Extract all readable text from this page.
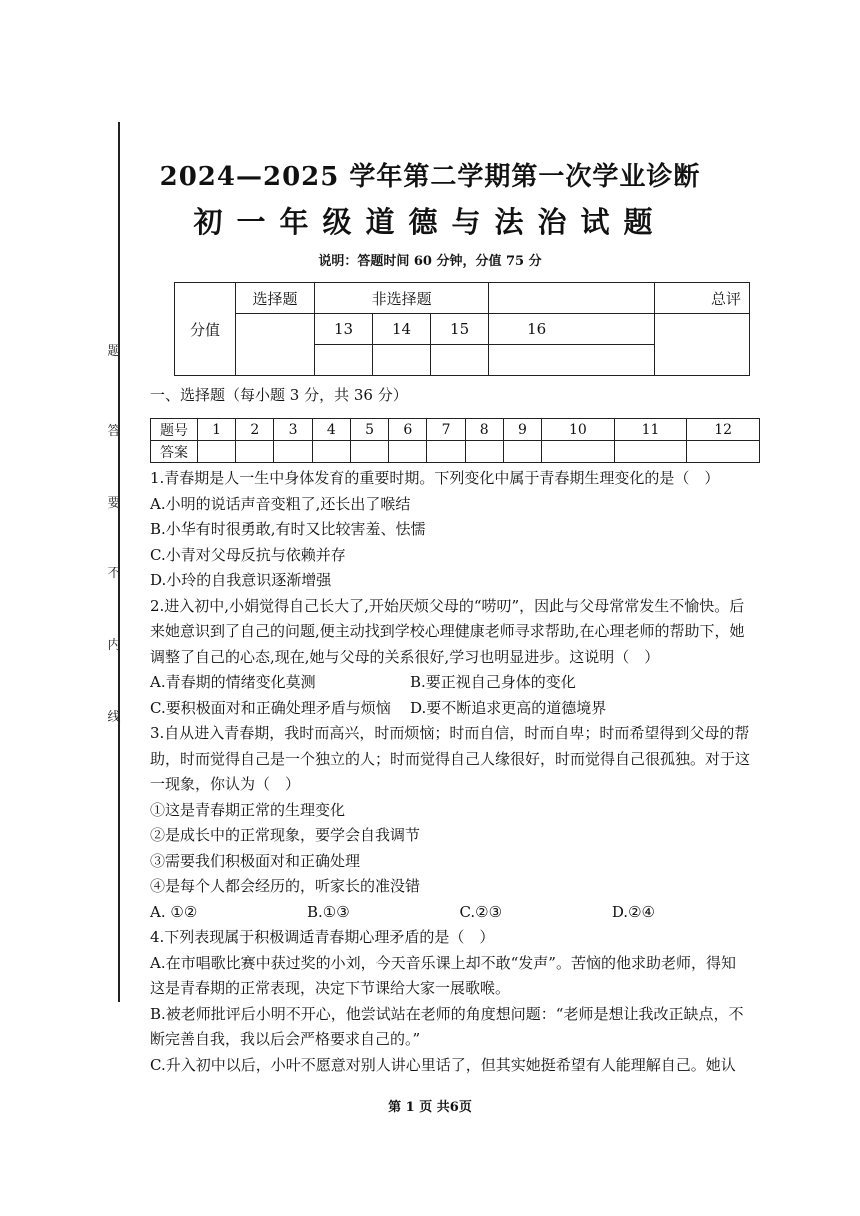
题
答
要
不
内
线
2024—2025 学年第二学期第一次学业诊断
初一年级道德与法治试题
说明：答题时间 60 分钟，分值 75 分
分值	选择题	非选择题				总评
		13	14	15	16	

一、选择题（每小题 3 分，共 36 分）
题号	1	2	3	4	5	6	7	8	9	10	11	12
答案												

1.青春期是人一生中身体发育的重要时期。下列变化中属于青春期生理变化的是（　）

A.小明的说话声音变粗了,还长出了喉结

B.小华有时很勇敢,有时又比较害羞、怯懦

C.小青对父母反抗与依赖并存

D.小玲的自我意识逐渐增强

2.进入初中,小娟觉得自己长大了,开始厌烦父母的“唠叨”，因此与父母常常发生不愉快。后来她意识到了自己的问题,便主动找到学校心理健康老师寻求帮助,在心理老师的帮助下，她调整了自己的心态,现在,她与父母的关系很好,学习也明显进步。这说明（　）

A.青春期的情绪变化莫测	B.要正视自己身体的变化
C.要积极面对和正确处理矛盾与烦恼	D.要不断追求更高的道德境界

3.自从进入青春期，我时而高兴，时而烦恼；时而自信，时而自卑；时而希望得到父母的帮助，时而觉得自己是一个独立的人；时而觉得自己人缘很好，时而觉得自己很孤独。对于这一现象，你认为（　）

①这是青春期正常的生理变化

②是成长中的正常现象，要学会自我调节

③需要我们积极面对和正确处理

④是每个人都会经历的，听家长的准没错

A. ①②	B.①③	C.②③	D.②④

4.下列表现属于积极调适青春期心理矛盾的是（　）

A.在市唱歌比赛中获过奖的小刘，今天音乐课上却不敢“发声”。苦恼的他求助老师，得知这是青春期的正常表现，决定下节课给大家一展歌喉。

B.被老师批评后小明不开心，他尝试站在老师的角度想问题：“老师是想让我改正缺点，不断完善自我，我以后会严格要求自己的。”

C.升入初中以后，小叶不愿意对别人讲心里话了，但其实她挺希望有人能理解自己。她认

第 1 页 共6页
